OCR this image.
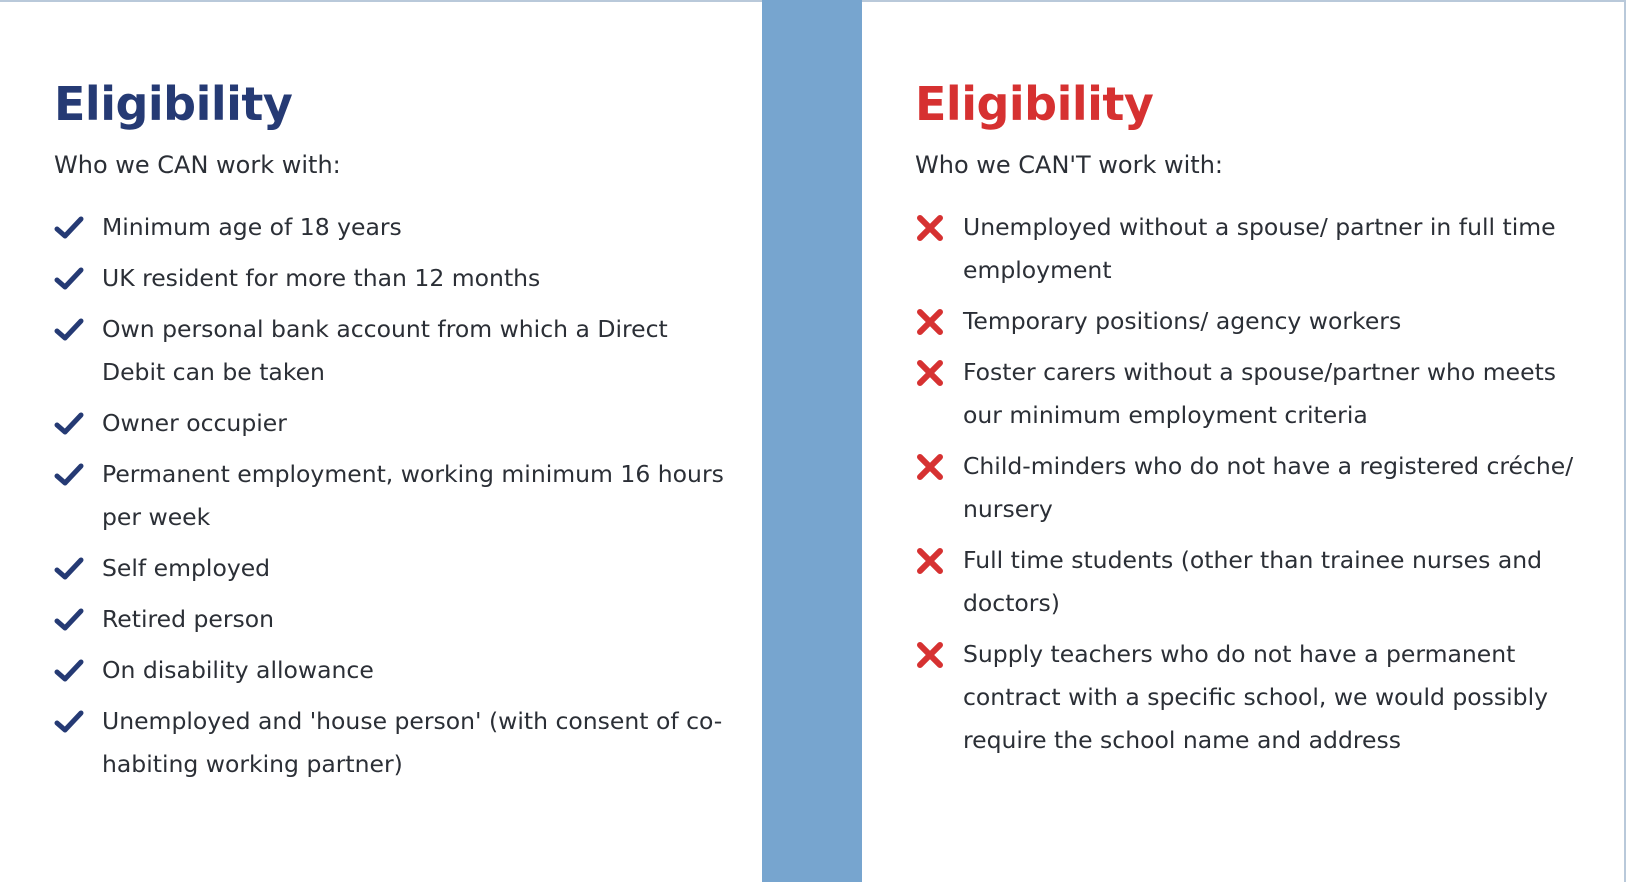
Eligibility

Who we CAN work with:

Minimum age of 18 years
UK resident for more than 12 months
Own personal bank account from which a Direct Debit can be taken
Owner occupier
Permanent employment, working minimum 16 hours per week
Self employed
Retired person
On disability allowance
Unemployed and 'house person' (with consent of co-habiting working partner)
Eligibility

Who we CAN'T work with:

Unemployed without a spouse/ partner in full time employment
Temporary positions/ agency workers
Foster carers without a spouse/partner who meets our minimum employment criteria
Child-minders who do not have a registered créche/ nursery
Full time students (other than trainee nurses and doctors)
Supply teachers who do not have a permanent contract with a specific school, we would possibly require the school name and address
